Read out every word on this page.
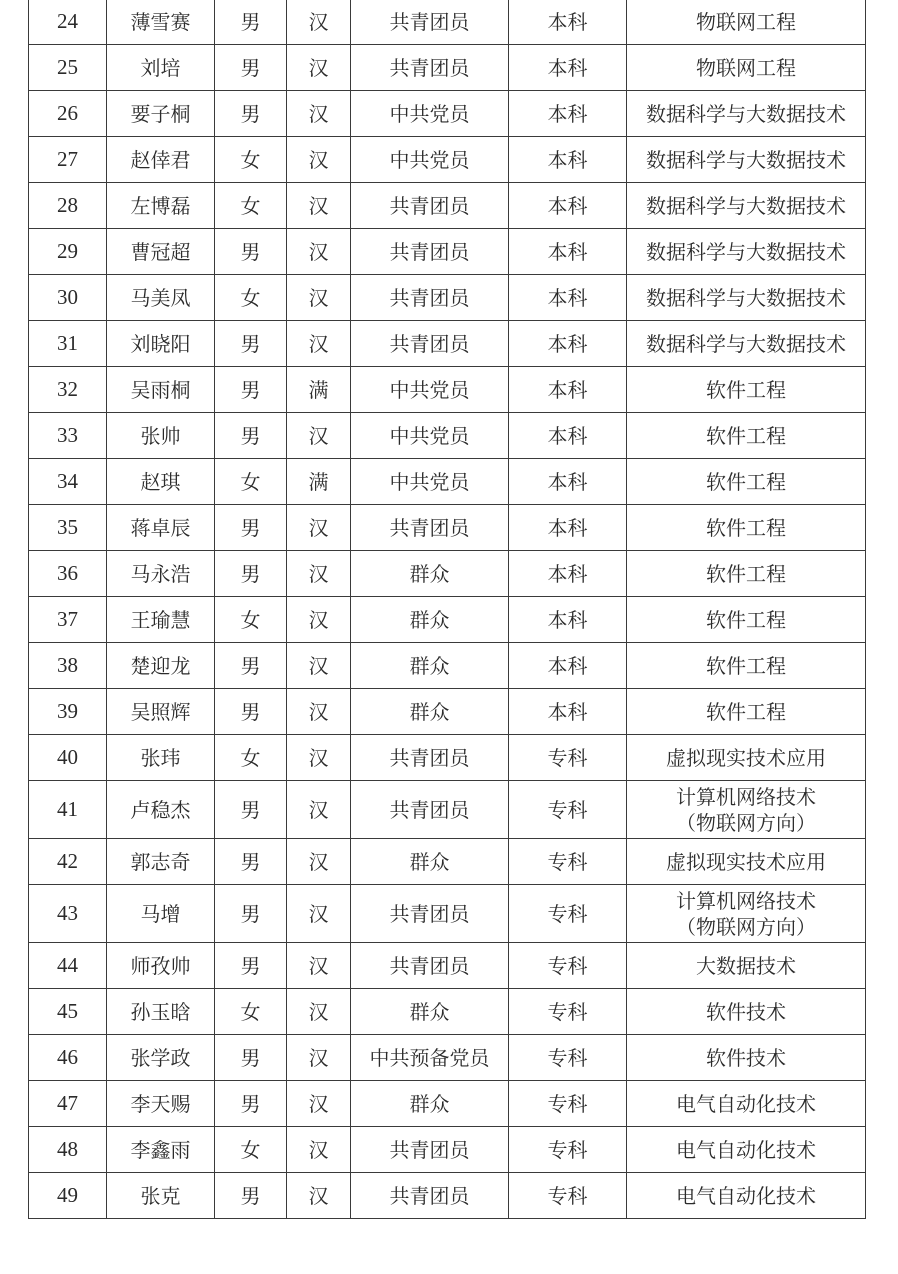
24	薄雪赛	男	汉	共青团员	本科	物联网工程

25	刘培	男	汉	共青团员	本科	物联网工程

26	要子桐	男	汉	中共党员	本科	数据科学与大数据技术

27	赵倖君	女	汉	中共党员	本科	数据科学与大数据技术

28	左博磊	女	汉	共青团员	本科	数据科学与大数据技术

29	曹冠超	男	汉	共青团员	本科	数据科学与大数据技术

30	马美凤	女	汉	共青团员	本科	数据科学与大数据技术

31	刘晓阳	男	汉	共青团员	本科	数据科学与大数据技术

32	吴雨桐	男	满	中共党员	本科	软件工程

33	张帅	男	汉	中共党员	本科	软件工程

34	赵琪	女	满	中共党员	本科	软件工程

35	蒋卓辰	男	汉	共青团员	本科	软件工程

36	马永浩	男	汉	群众	本科	软件工程

37	王瑜慧	女	汉	群众	本科	软件工程

38	楚迎龙	男	汉	群众	本科	软件工程

39	吴照辉	男	汉	群众	本科	软件工程

40	张玮	女	汉	共青团员	专科	虚拟现实技术应用

41	卢稳杰	男	汉	共青团员	专科	计算机网络技术
（物联网方向）

42	郭志奇	男	汉	群众	专科	虚拟现实技术应用

43	马增	男	汉	共青团员	专科	计算机网络技术
（物联网方向）

44	师孜帅	男	汉	共青团员	专科	大数据技术

45	孙玉晗	女	汉	群众	专科	软件技术

46	张学政	男	汉	中共预备党员	专科	软件技术

47	李天赐	男	汉	群众	专科	电气自动化技术

48	李鑫雨	女	汉	共青团员	专科	电气自动化技术

49	张克	男	汉	共青团员	专科	电气自动化技术
